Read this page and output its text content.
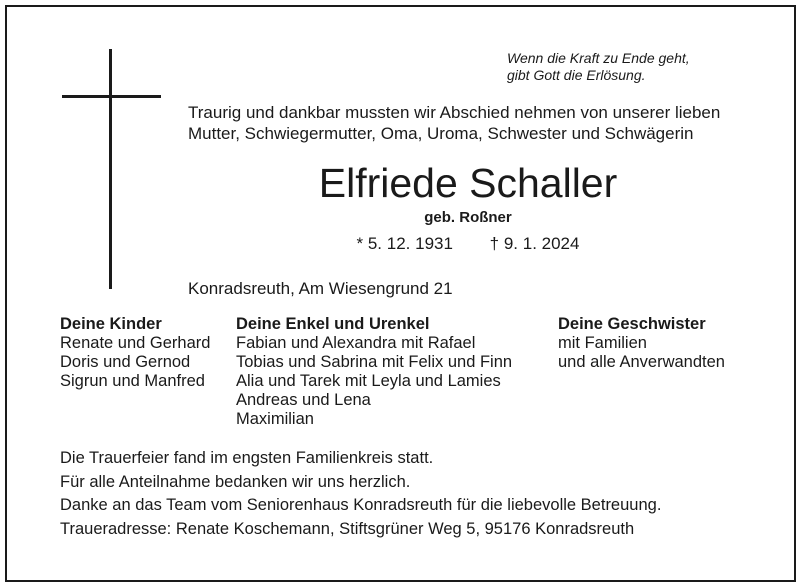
Wenn die Kraft zu Ende geht,
gibt Gott die Erlösung.
Traurig und dankbar mussten wir Abschied nehmen von unserer lieben
Mutter, Schwiegermutter, Oma, Uroma, Schwester und Schwägerin
Elfriede Schaller
geb. Roßner
* 5. 12. 1931 † 9. 1. 2024
Konradsreuth, Am Wiesengrund 21
Deine Kinder
Renate und Gerhard
Doris und Gernod
Sigrun und Manfred
Deine Enkel und Urenkel
Fabian und Alexandra mit Rafael
Tobias und Sabrina mit Felix und Finn
Alia und Tarek mit Leyla und Lamies
Andreas und Lena
Maximilian
Deine Geschwister
mit Familien
und alle Anverwandten
Die Trauerfeier fand im engsten Familienkreis statt.
Für alle Anteilnahme bedanken wir uns herzlich.
Danke an das Team vom Seniorenhaus Konradsreuth für die liebevolle Betreuung.
Traueradresse: Renate Koschemann, Stiftsgrüner Weg 5, 95176 Konradsreuth
